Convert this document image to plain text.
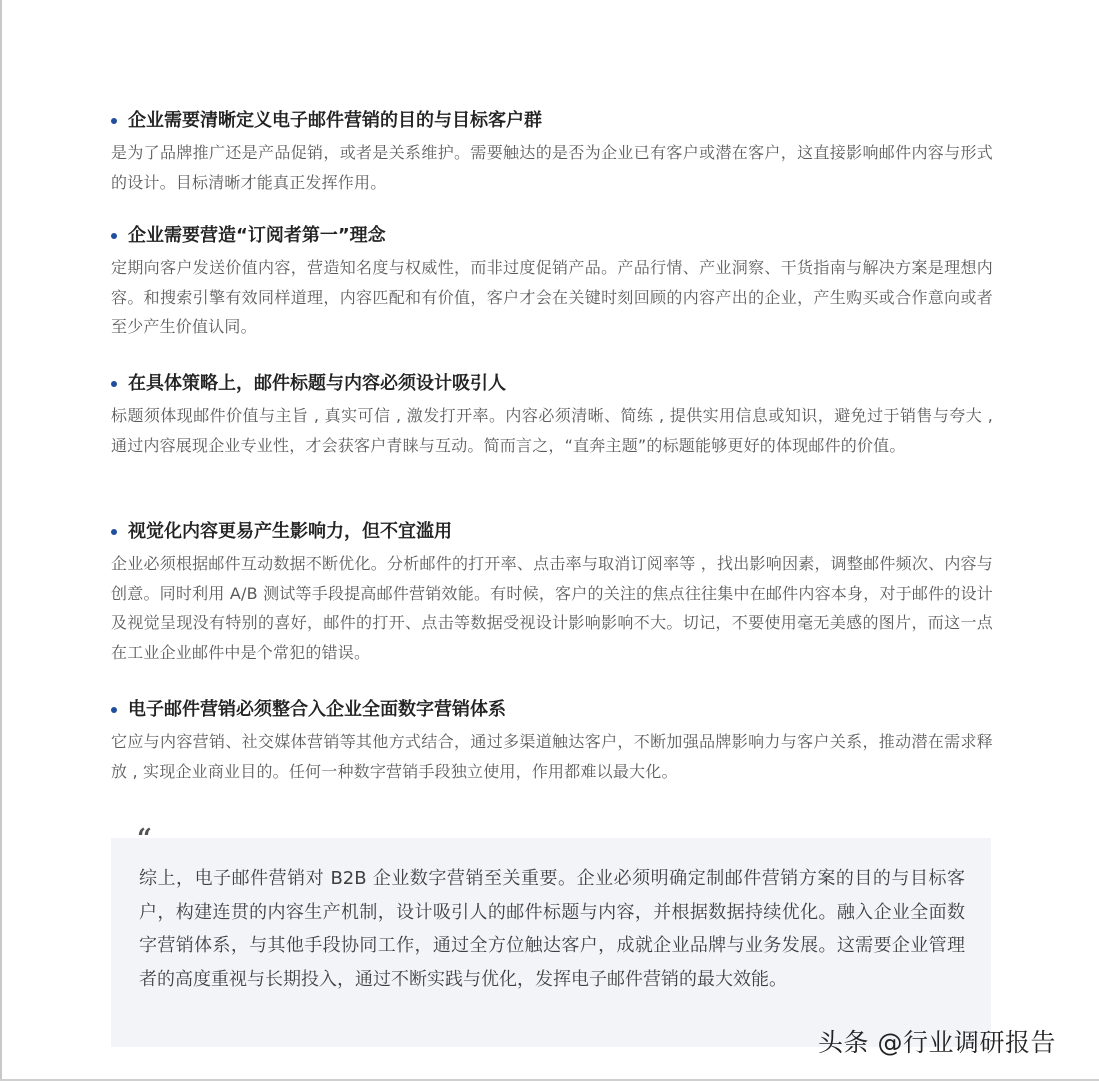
企业需要清晰定义电子邮件营销的目的与目标客户群
是为了品牌推广还是产品促销，或者是关系维护。需要触达的是否为企业已有客户或潜在客户，这直接影响邮件内容与形式的设计。目标清晰才能真正发挥作用。
企业需要营造“订阅者第一”理念
定期向客户发送价值内容，营造知名度与权威性，而非过度促销产品。产品行情、产业洞察、干货指南与解决方案是理想内容。和搜索引擎有效同样道理，内容匹配和有价值，客户才会在关键时刻回顾的内容产出的企业，产生购买或合作意向或者至少产生价值认同。
在具体策略上，邮件标题与内容必须设计吸引人
标题须体现邮件价值与主旨 , 真实可信 , 激发打开率。内容必须清晰、简练 , 提供实用信息或知识，避免过于销售与夸大 , 通过内容展现企业专业性，才会获客户青睐与互动。简而言之，“直奔主题”的标题能够更好的体现邮件的价值。
视觉化内容更易产生影响力，但不宜滥用
企业必须根据邮件互动数据不断优化。分析邮件的打开率、点击率与取消订阅率等 ，找出影响因素，调整邮件频次、内容与创意。同时利用 A/B 测试等手段提高邮件营销效能。有时候，客户的关注的焦点往往集中在邮件内容本身，对于邮件的设计及视觉呈现没有特别的喜好，邮件的打开、点击等数据受视设计影响影响不大。切记，不要使用毫无美感的图片，而这一点在工业企业邮件中是个常犯的错误。
电子邮件营销必须整合入企业全面数字营销体系
它应与内容营销、社交媒体营销等其他方式结合，通过多渠道触达客户，不断加强品牌影响力与客户关系，推动潜在需求释放 , 实现企业商业目的。任何一种数字营销手段独立使用，作用都难以最大化。
“
综上，电子邮件营销对 B2B 企业数字营销至关重要。企业必须明确定制邮件营销方案的目的与目标客户，构建连贯的内容生产机制，设计吸引人的邮件标题与内容，并根据数据持续优化。融入企业全面数字营销体系，与其他手段协同工作，通过全方位触达客户，成就企业品牌与业务发展。这需要企业管理者的高度重视与长期投入，通过不断实践与优化，发挥电子邮件营销的最大效能。
头条 @行业调研报告
